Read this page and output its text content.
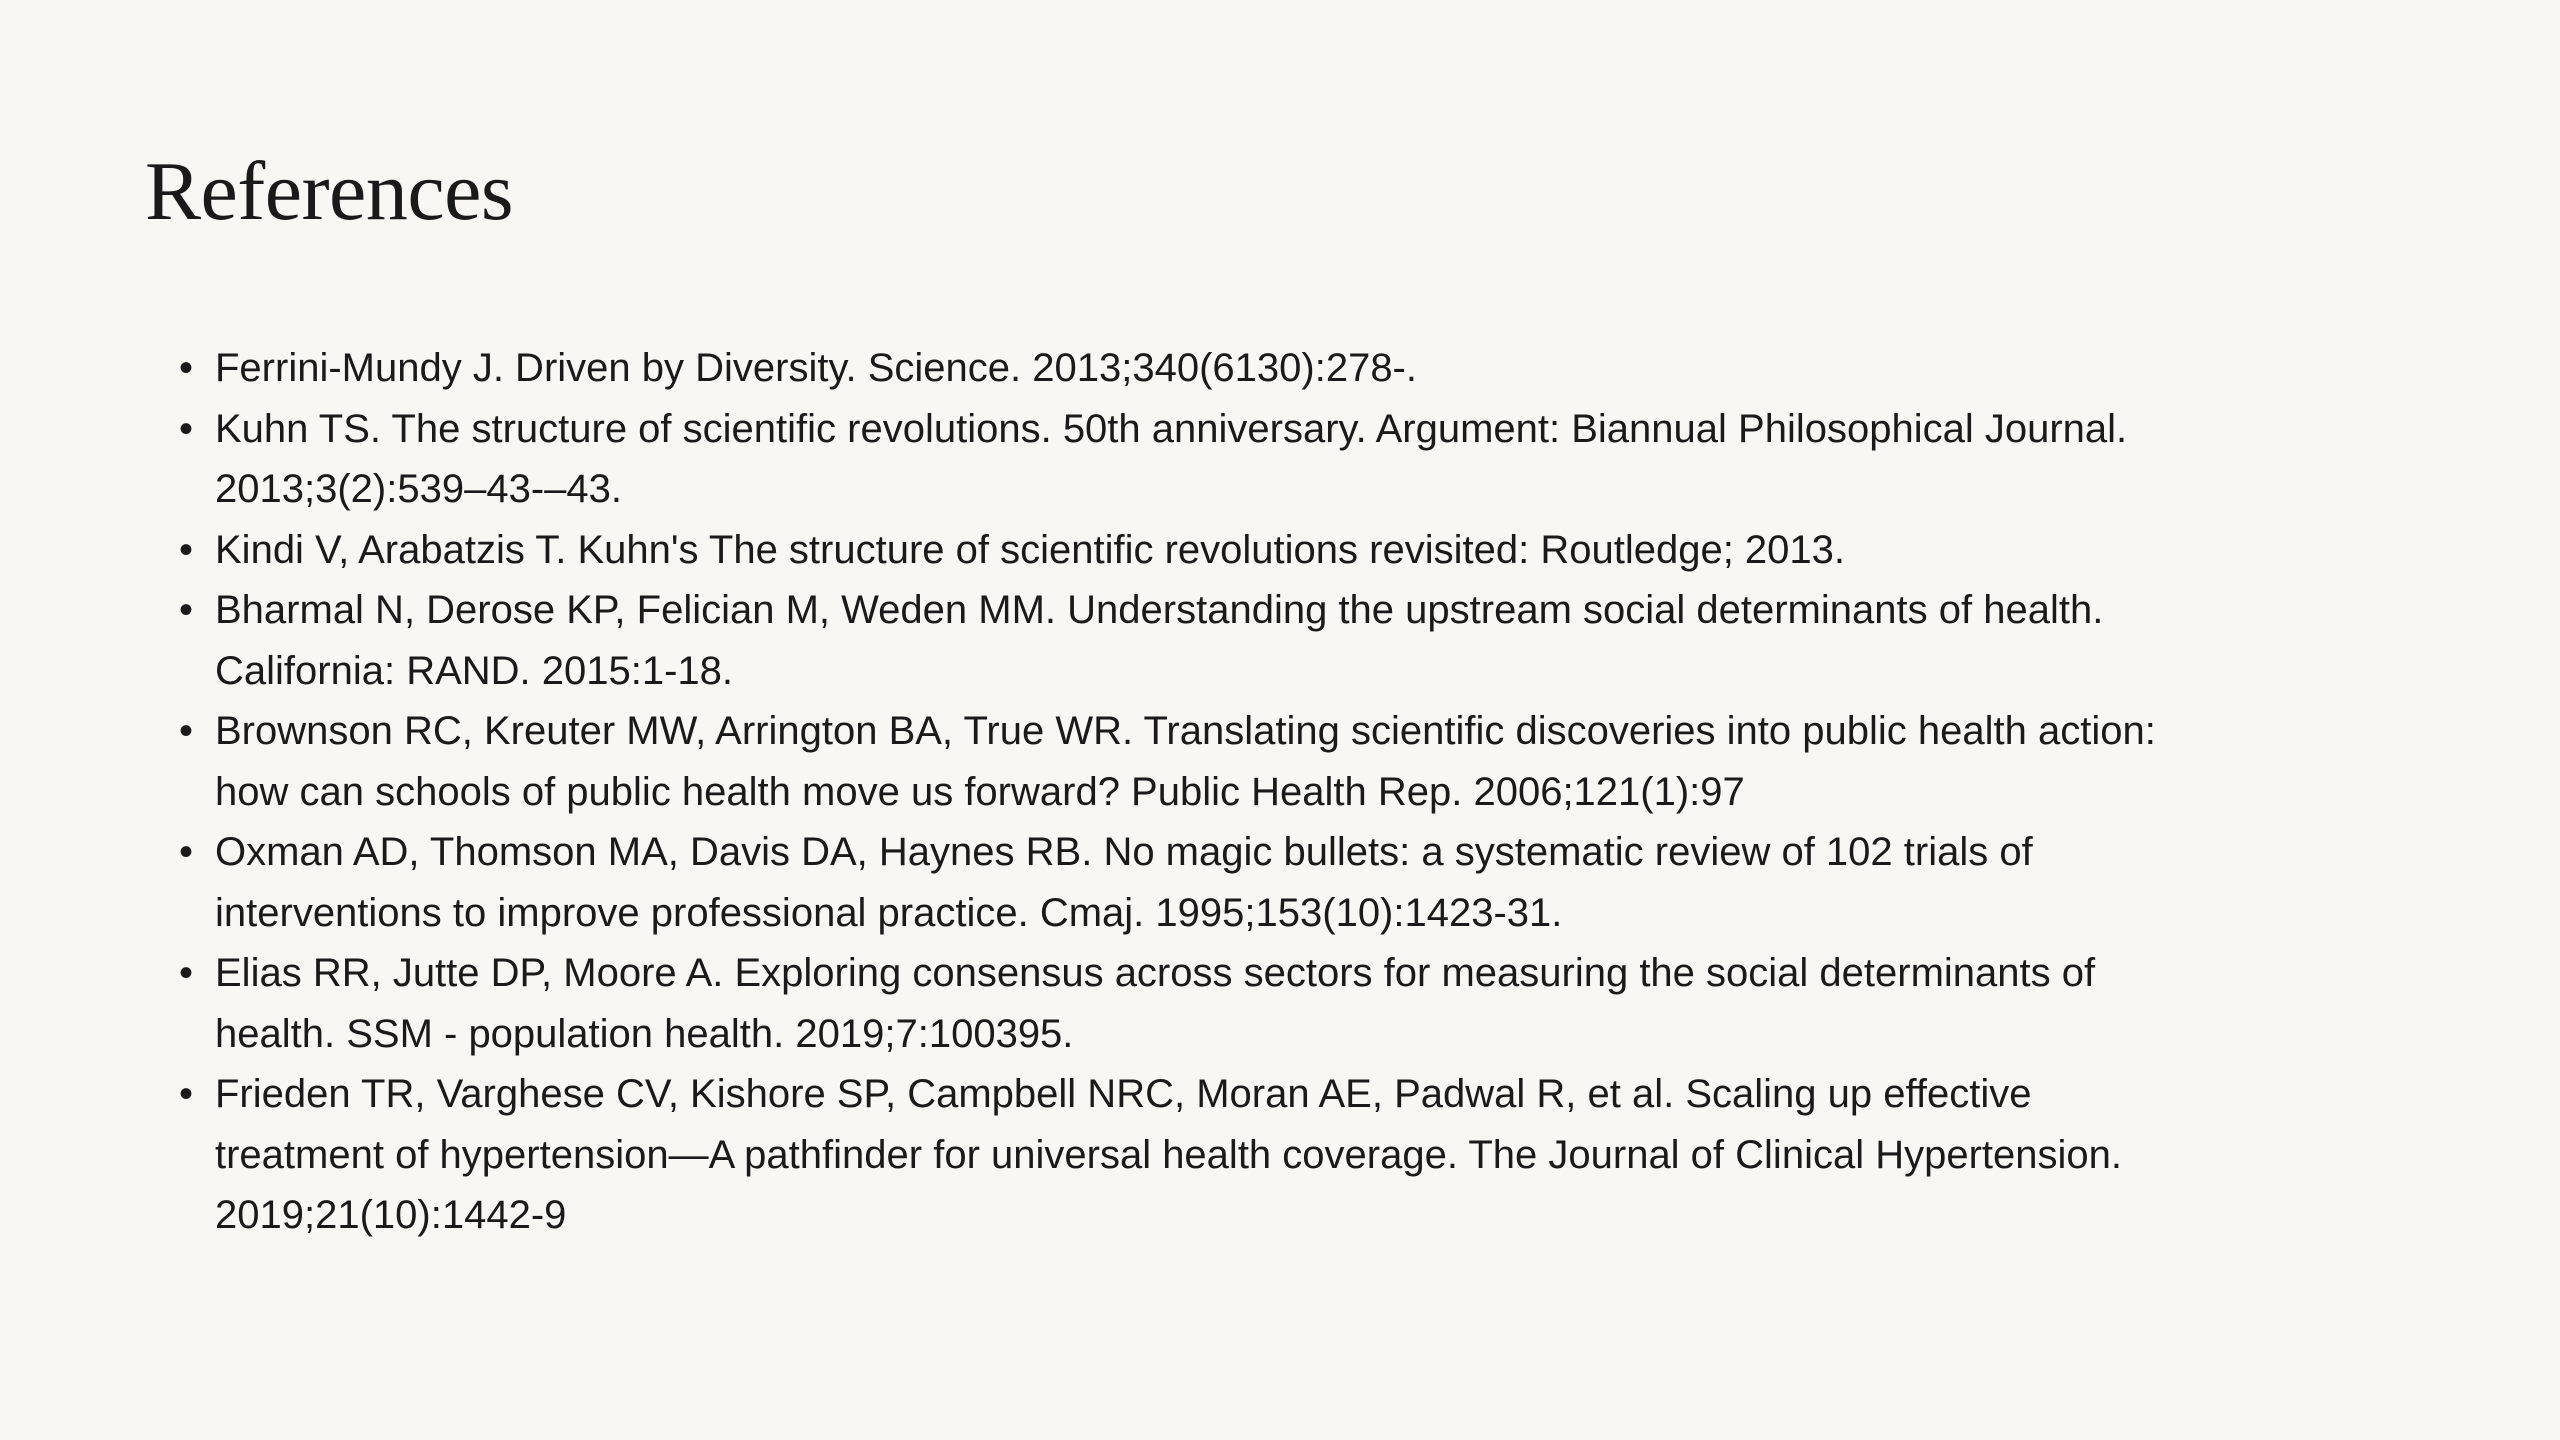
References
• Ferrini-Mundy J. Driven by Diversity. Science. 2013;340(6130):278-.
• Kuhn TS. The structure of scientific revolutions. 50th anniversary. Argument: Biannual Philosophical Journal.
2013;3(2):539–43-–43.
• Kindi V, Arabatzis T. Kuhn's The structure of scientific revolutions revisited: Routledge; 2013.
• Bharmal N, Derose KP, Felician M, Weden MM. Understanding the upstream social determinants of health.
California: RAND. 2015:1-18.
• Brownson RC, Kreuter MW, Arrington BA, True WR. Translating scientific discoveries into public health action:
how can schools of public health move us forward? Public Health Rep. 2006;121(1):97
• Oxman AD, Thomson MA, Davis DA, Haynes RB. No magic bullets: a systematic review of 102 trials of
interventions to improve professional practice. Cmaj. 1995;153(10):1423-31.
• Elias RR, Jutte DP, Moore A. Exploring consensus across sectors for measuring the social determinants of
health. SSM - population health. 2019;7:100395.
• Frieden TR, Varghese CV, Kishore SP, Campbell NRC, Moran AE, Padwal R, et al. Scaling up effective
treatment of hypertension—A pathfinder for universal health coverage. The Journal of Clinical Hypertension.
2019;21(10):1442-9
